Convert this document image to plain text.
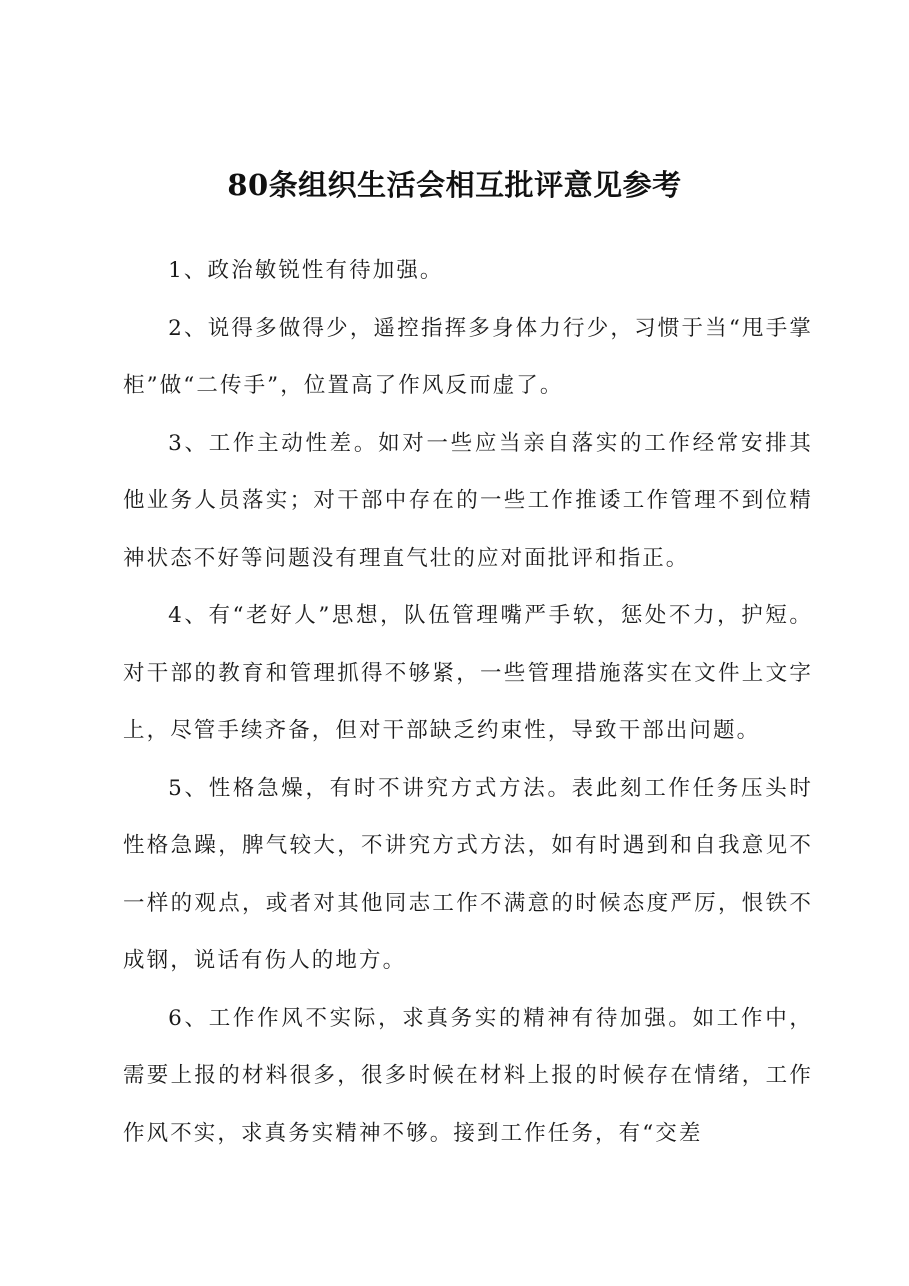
80条组织生活会相互批评意见参考

1、政治敏锐性有待加强。

2、说得多做得少，遥控指挥多身体力行少，习惯于当“甩手掌柜”做“二传手”，位置高了作风反而虚了。

3、工作主动性差。如对一些应当亲自落实的工作经常安排其他业务人员落实；对干部中存在的一些工作推诿工作管理不到位精神状态不好等问题没有理直气壮的应对面批评和指正。

4、有“老好人”思想，队伍管理嘴严手软，惩处不力，护短。对干部的教育和管理抓得不够紧，一些管理措施落实在文件上文字上，尽管手续齐备，但对干部缺乏约束性，导致干部出问题。

5、性格急燥，有时不讲究方式方法。表此刻工作任务压头时性格急躁，脾气较大，不讲究方式方法，如有时遇到和自我意见不一样的观点，或者对其他同志工作不满意的时候态度严厉，恨铁不成钢，说话有伤人的地方。

6、工作作风不实际，求真务实的精神有待加强。如工作中，需要上报的材料很多，很多时候在材料上报的时候存在情绪，工作作风不实，求真务实精神不够。接到工作任务，有“交差
